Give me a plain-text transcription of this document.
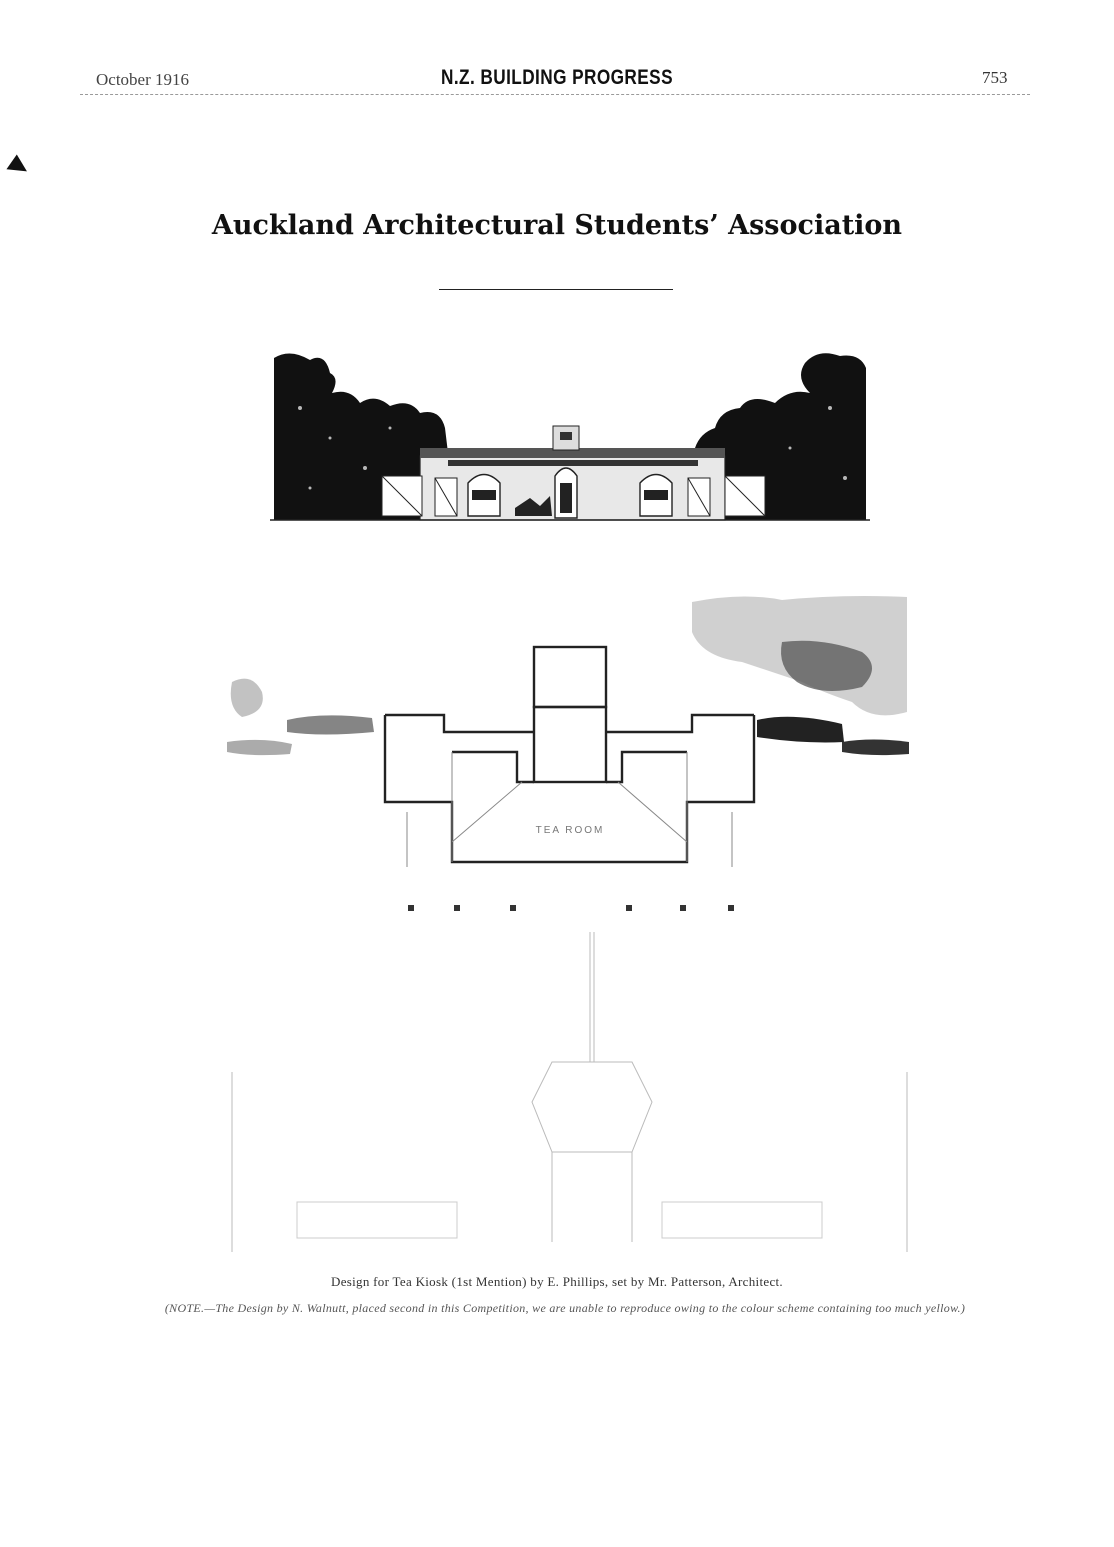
October 1916	N.Z. BUILDING PROGRESS	753
Auckland Architectural Students’ Association
TEA ROOM
Design for Tea Kiosk (1st Mention) by E. Phillips, set by Mr. Patterson, Architect.
(NOTE.—The Design by N. Walnutt, placed second in this Competition, we are unable to reproduce owing to the colour scheme containing too much yellow.)
